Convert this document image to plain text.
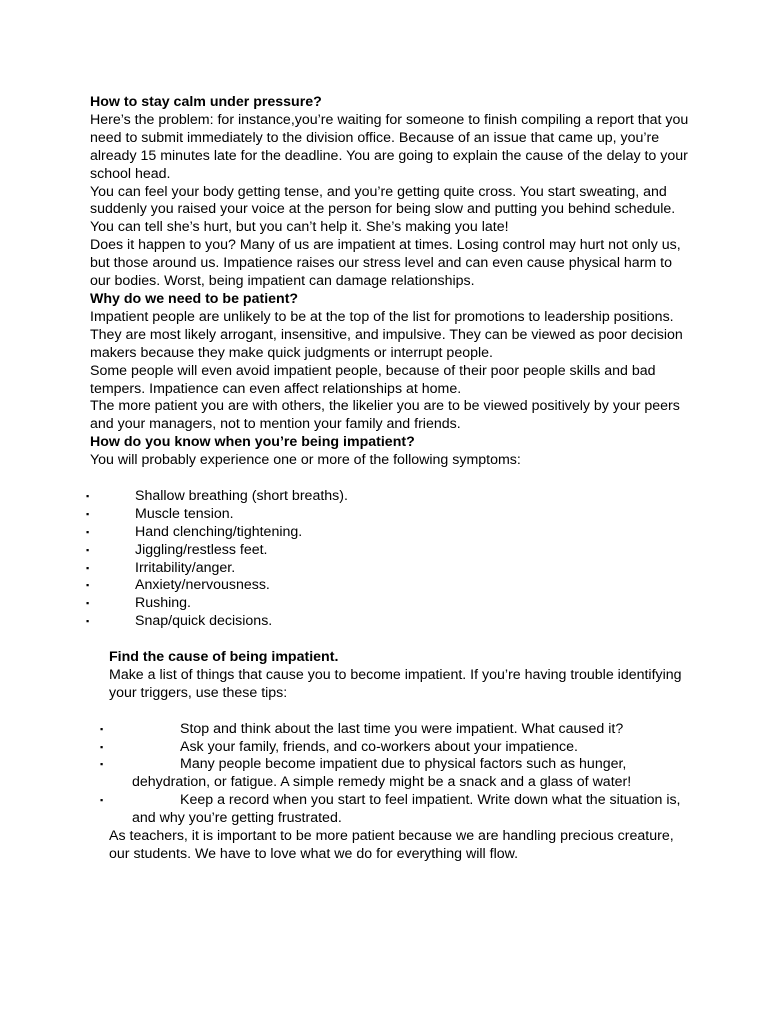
How to stay calm under pressure?

Here’s the problem: for instance,you’re waiting for someone to finish compiling a report that you need to submit immediately to the division office. Because of an issue that came up, you’re already 15 minutes late for the deadline. You are going to explain the cause of the delay to your school head.

You can feel your body getting tense, and you’re getting quite cross. You start sweating, and suddenly you raised your voice at the person for being slow and putting you behind schedule. You can tell she’s hurt, but you can’t help it. She’s making you late!

Does it happen to you? Many of us are impatient at times. Losing control may hurt not only us, but those around us. Impatience raises our stress level and can even cause physical harm to our bodies. Worst, being impatient can damage relationships.

Why do we need to be patient?

Impatient people are unlikely to be at the top of the list for promotions to leadership positions. They are most likely arrogant, insensitive, and impulsive. They can be viewed as poor decision makers because they make quick judgments or interrupt people.

Some people will even avoid impatient people, because of their poor people skills and bad tempers. Impatience can even affect relationships at home.

The more patient you are with others, the likelier you are to be viewed positively by your peers and your managers, not to mention your family and friends.

How do you know when you’re being impatient?

You will probably experience one or more of the following symptoms:

▪	Shallow breathing (short breaths).
▪	Muscle tension.
▪	Hand clenching/tightening.
▪	Jiggling/restless feet.
▪	Irritability/anger.
▪	Anxiety/nervousness.
▪	Rushing.
▪	Snap/quick decisions.
Find the cause of being impatient.

Make a list of things that cause you to become impatient. If you’re having trouble identifying your triggers, use these tips:

▪	Stop and think about the last time you were impatient. What caused it?
▪	Ask your family, friends, and co-workers about your impatience.
▪	Many people become impatient due to physical factors such as hunger, dehydration, or fatigue. A simple remedy might be a snack and a glass of water!
▪	Keep a record when you start to feel impatient. Write down what the situation is, and why you’re getting frustrated.

As teachers, it is important to be more patient because we are handling precious creature, our students. We have to love what we do for everything will flow.
